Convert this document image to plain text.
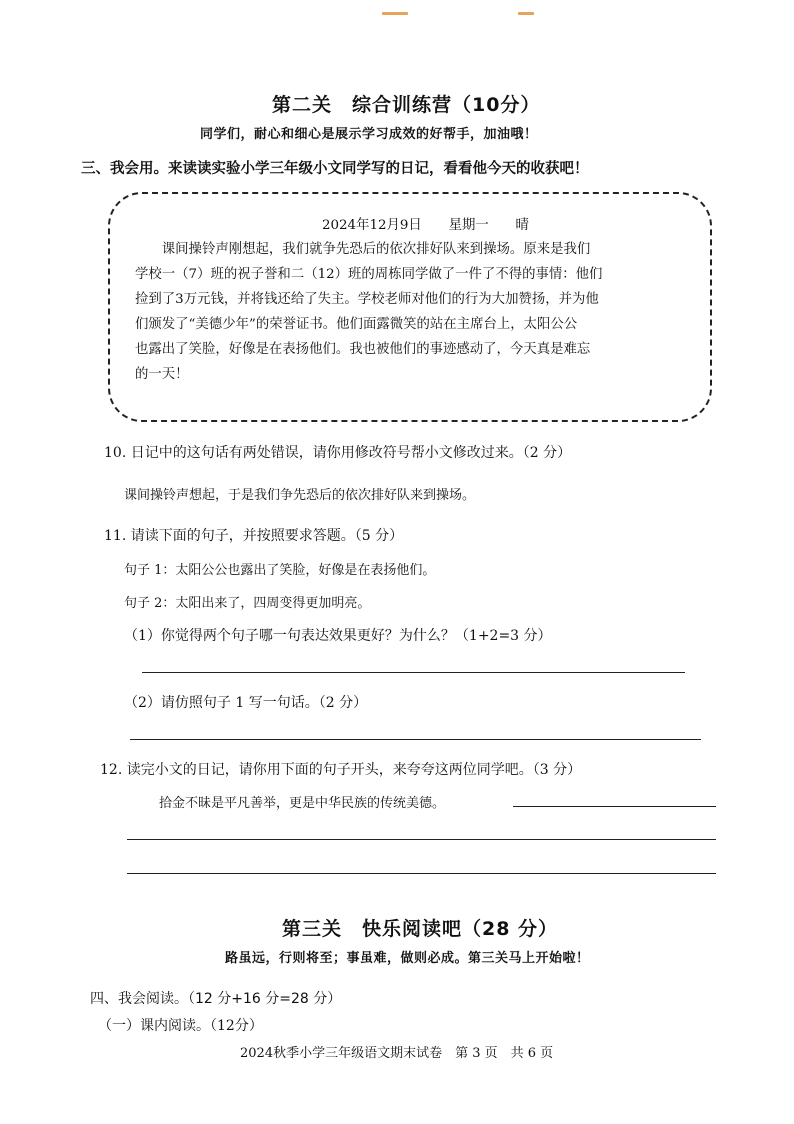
第二关　综合训练营（10分）
同学们，耐心和细心是展示学习成效的好帮手，加油哦！
三、我会用。来读读实验小学三年级小文同学写的日记，看看他今天的收获吧！
2024年12月9日　　星期一　　晴
　　课间操铃声刚想起，我们就争先恐后的依次排好队来到操场。原来是我们
学校一（7）班的祝子誉和二（12）班的周栋同学做了一件了不得的事情：他们
捡到了3万元钱，并将钱还给了失主。学校老师对他们的行为大加赞扬，并为他
们颁发了“美德少年”的荣誉证书。他们面露微笑的站在主席台上，太阳公公
也露出了笑脸，好像是在表扬他们。我也被他们的事迹感动了，今天真是难忘
的一天！
10. 日记中的这句话有两处错误，请你用修改符号帮小文修改过来。（2 分）
课间操铃声想起，于是我们争先恐后的依次排好队来到操场。
11. 请读下面的句子，并按照要求答题。（5 分）
句子 1：太阳公公也露出了笑脸，好像是在表扬他们。
句子 2：太阳出来了，四周变得更加明亮。
（1）你觉得两个句子哪一句表达效果更好？为什么？（1+2=3 分）
（2）请仿照句子 1 写一句话。（2 分）
12. 读完小文的日记，请你用下面的句子开头，来夸夸这两位同学吧。（3 分）
拾金不昧是平凡善举，更是中华民族的传统美德。
第三关　快乐阅读吧（28 分）
路虽远，行则将至；事虽难，做则必成。第三关马上开始啦！
四、我会阅读。（12 分+16 分=28 分）
（一）课内阅读。（12分）
2024秋季小学三年级语文期末试卷　第 3 页　共 6 页
